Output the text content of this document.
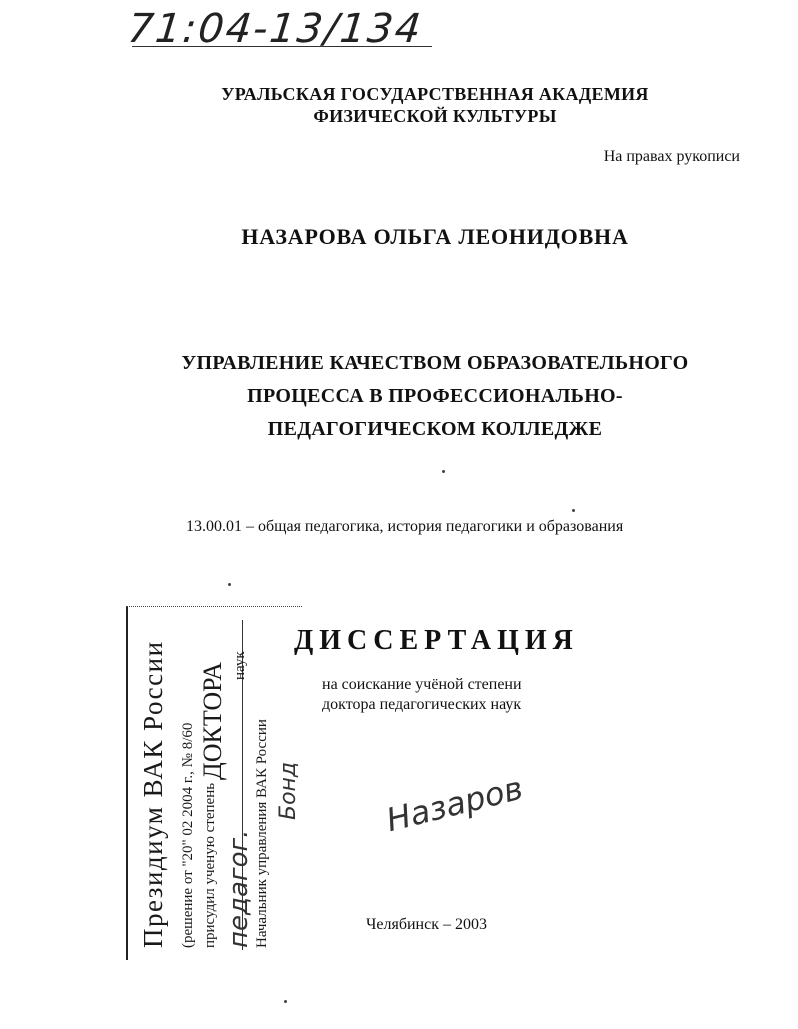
71:04-13/134
УРАЛЬСКАЯ ГОСУДАРСТВЕННАЯ АКАДЕМИЯ
ФИЗИЧЕСКОЙ КУЛЬТУРЫ
На правах рукописи
НАЗАРОВА ОЛЬГА ЛЕОНИДОВНА
УПРАВЛЕНИЕ КАЧЕСТВОМ ОБРАЗОВАТЕЛЬНОГО
ПРОЦЕССА В ПРОФЕССИОНАЛЬНО-
ПЕДАГОГИЧЕСКОМ КОЛЛЕДЖЕ
13.00.01 – общая педагогика, история педагогики и образования
ДИССЕРТАЦИЯ
на соискание учёной степени
доктора педагогических наук
Назаров
Челябинск – 2003
Президиум ВАК России (решение от "20" 02 2004 г., № 8/60 присудил ученую степень
ДОКТОРА
педагог.
наук
Начальник управления ВАК России Бонд
